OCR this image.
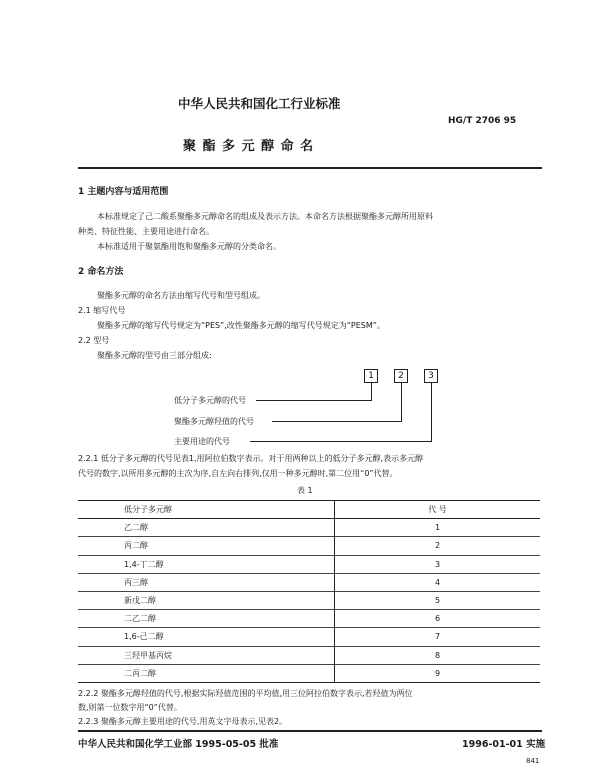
中华人民共和国化工行业标准
HG/T 2706 95
聚 酯 多 元 醇 命 名
1 主题内容与适用范围
本标准规定了己二酸系聚酯多元醇命名的组成及表示方法。本命名方法根据聚酯多元醇所用原料
种类、特征性能、主要用途进行命名。
本标准适用于聚氨酯用饱和聚酯多元醇的分类命名。
2 命名方法
聚酯多元醇的命名方法由缩写代号和型号组成。
2.1 缩写代号
聚酯多元醇的缩写代号规定为“PES”,改性聚酯多元醇的缩写代号规定为“PESM”。
2.2 型号
聚酯多元醇的型号由三部分组成:
1	2	3
低分子多元醇的代号
聚酯多元醇羟值的代号
主要用途的代号
2.2.1 低分子多元醇的代号见表1,用阿拉伯数字表示。对于用两种以上的低分子多元醇,表示多元醇
代号的数字,以所用多元醇的主次为序,自左向右排列,仅用一种多元醇时,第二位用“0”代替。
表 1
低分子多元醇	代 号
乙二醇	1
丙二醇	2
1,4-丁二醇	3
丙三醇	4
新戊二醇	5
二乙二醇	6
1,6-己二醇	7
三羟甲基丙烷	8
二丙二醇	9
2.2.2 聚酯多元醇羟值的代号,根据实际羟值范围的平均值,用三位阿拉伯数字表示,若羟值为两位
数,则第一位数字用“0”代替。
2.2.3 聚酯多元醇主要用途的代号,用英文字母表示,见表2。
中华人民共和国化学工业部 1995-05-05 批准	1996-01-01 实施
841
